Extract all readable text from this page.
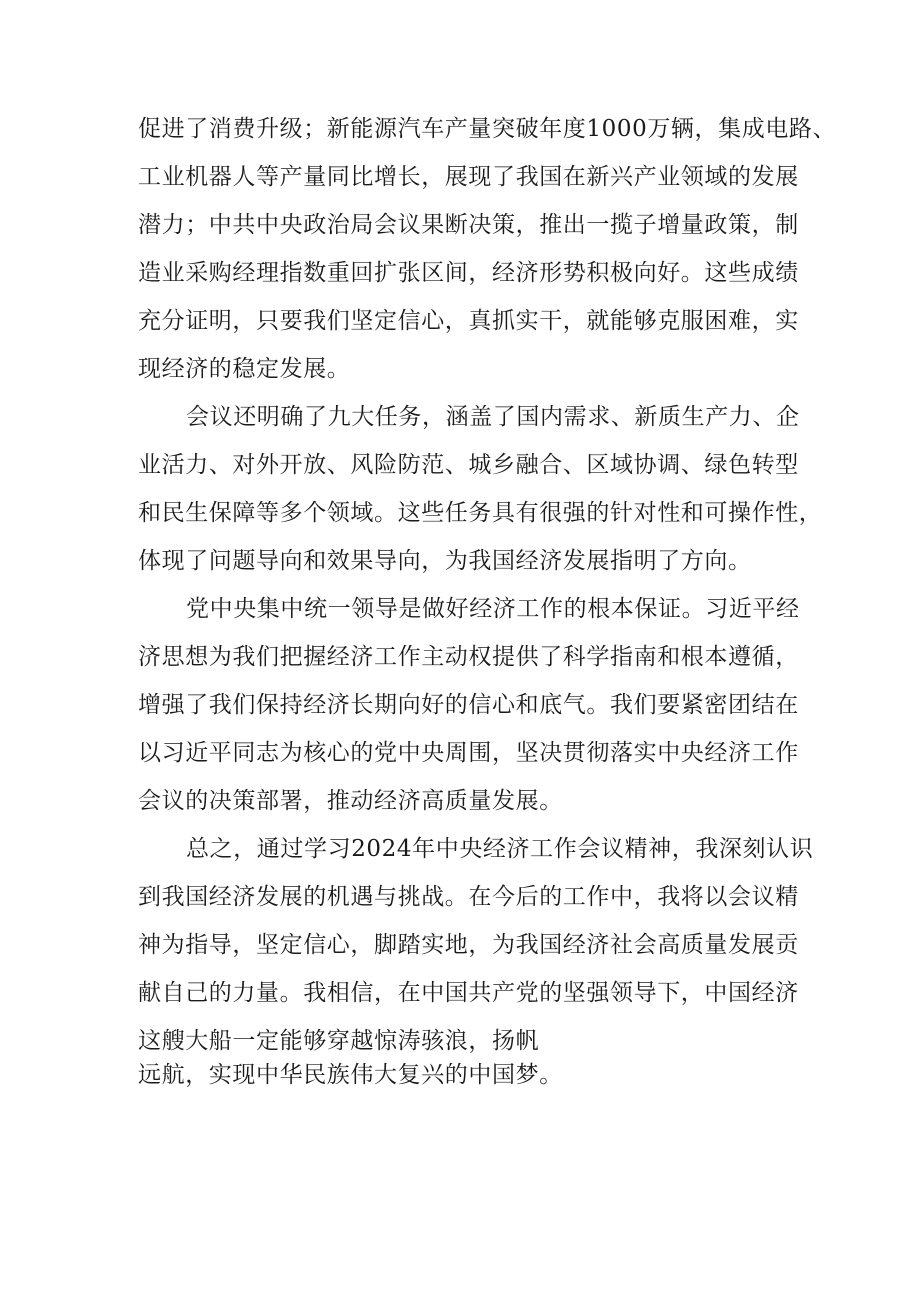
促进了消费升级；新能源汽车产量突破年度1000万辆，集成电路、
工业机器人等产量同比增长，展现了我国在新兴产业领域的发展
潜力；中共中央政治局会议果断决策，推出一揽子增量政策，制
造业采购经理指数重回扩张区间，经济形势积极向好。这些成绩
充分证明，只要我们坚定信心，真抓实干，就能够克服困难，实
现经济的稳定发展。
会议还明确了九大任务，涵盖了国内需求、新质生产力、企
业活力、对外开放、风险防范、城乡融合、区域协调、绿色转型
和民生保障等多个领域。这些任务具有很强的针对性和可操作性，
体现了问题导向和效果导向，为我国经济发展指明了方向。
党中央集中统一领导是做好经济工作的根本保证。习近平经
济思想为我们把握经济工作主动权提供了科学指南和根本遵循，
增强了我们保持经济长期向好的信心和底气。我们要紧密团结在
以习近平同志为核心的党中央周围，坚决贯彻落实中央经济工作
会议的决策部署，推动经济高质量发展。
总之，通过学习2024年中央经济工作会议精神，我深刻认识
到我国经济发展的机遇与挑战。在今后的工作中，我将以会议精
神为指导，坚定信心，脚踏实地，为我国经济社会高质量发展贡
献自己的力量。我相信，在中国共产党的坚强领导下，中国经济
这艘大船一定能够穿越惊涛骇浪，扬帆
远航，实现中华民族伟大复兴的中国梦。
